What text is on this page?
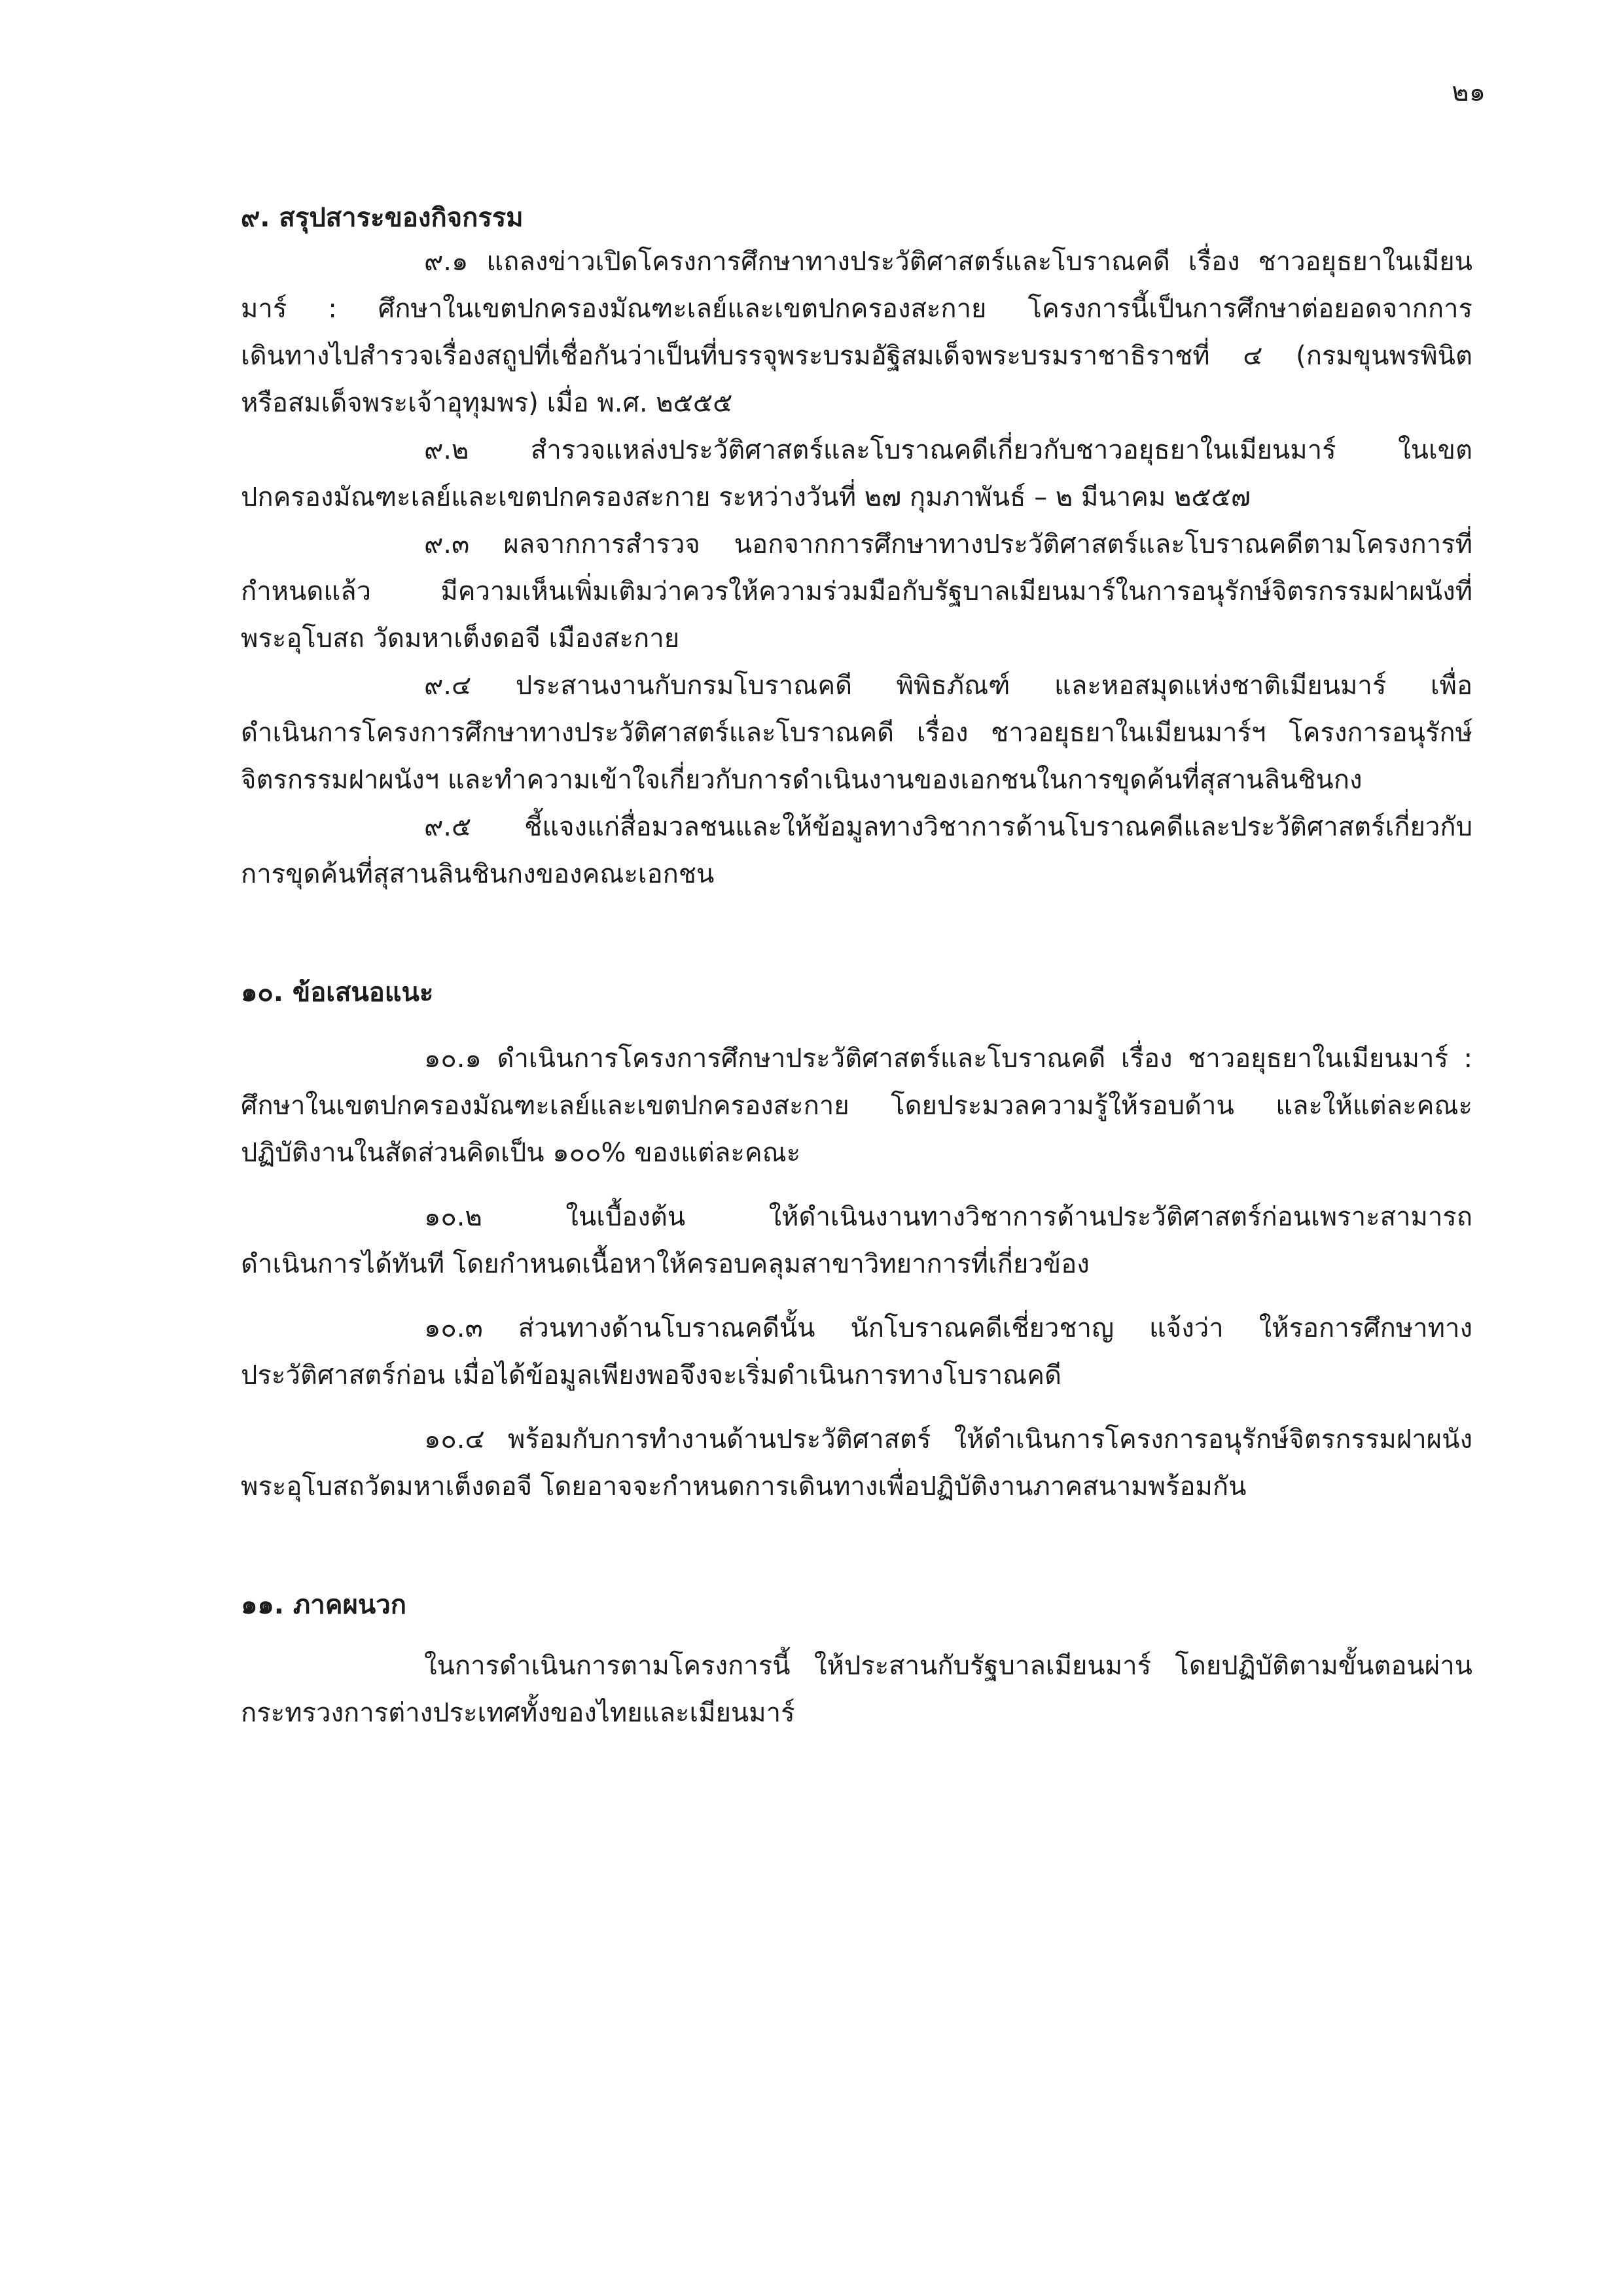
๒๑
๙. สรุปสาระของกิจกรรม
๙.๑ แถลงข่าวเปิดโครงการศึกษาทางประวัติศาสตร์และโบราณคดี เรื่อง ชาวอยุธยาในเมียน
มาร์ : ศึกษาในเขตปกครองมัณฑะเลย์และเขตปกครองสะกาย โครงการนี้เป็นการศึกษาต่อยอดจากการ
เดินทางไปสำรวจเรื่องสถูปที่เชื่อกันว่าเป็นที่บรรจุพระบรมอัฐิสมเด็จพระบรมราชาธิราชที่ ๔ (กรมขุนพรพินิต
หรือสมเด็จพระเจ้าอุทุมพร) เมื่อ พ.ศ. ๒๕๕๕
๙.๒ สำรวจแหล่งประวัติศาสตร์และโบราณคดีเกี่ยวกับชาวอยุธยาในเมียนมาร์ ในเขต
ปกครองมัณฑะเลย์และเขตปกครองสะกาย ระหว่างวันที่ ๒๗ กุมภาพันธ์ – ๒ มีนาคม ๒๕๕๗
๙.๓ ผลจากการสำรวจ นอกจากการศึกษาทางประวัติศาสตร์และโบราณคดีตามโครงการที่
กำหนดแล้ว มีความเห็นเพิ่มเติมว่าควรให้ความร่วมมือกับรัฐบาลเมียนมาร์ในการอนุรักษ์จิตรกรรมฝาผนังที่
พระอุโบสถ วัดมหาเต็งดอจี เมืองสะกาย
๙.๔ ประสานงานกับกรมโบราณคดี พิพิธภัณฑ์ และหอสมุดแห่งชาติเมียนมาร์ เพื่อ
ดำเนินการโครงการศึกษาทางประวัติศาสตร์และโบราณคดี เรื่อง ชาวอยุธยาในเมียนมาร์ฯ โครงการอนุรักษ์
จิตรกรรมฝาผนังฯ และทำความเข้าใจเกี่ยวกับการดำเนินงานของเอกชนในการขุดค้นที่สุสานลินชินกง
๙.๕ ชี้แจงแก่สื่อมวลชนและให้ข้อมูลทางวิชาการด้านโบราณคดีและประวัติศาสตร์เกี่ยวกับ
การขุดค้นที่สุสานลินชินกงของคณะเอกชน
๑๐. ข้อเสนอแนะ
๑๐.๑ ดำเนินการโครงการศึกษาประวัติศาสตร์และโบราณคดี เรื่อง ชาวอยุธยาในเมียนมาร์ :
ศึกษาในเขตปกครองมัณฑะเลย์และเขตปกครองสะกาย โดยประมวลความรู้ให้รอบด้าน และให้แต่ละคณะ
ปฏิบัติงานในสัดส่วนคิดเป็น ๑๐๐% ของแต่ละคณะ
๑๐.๒ ในเบื้องต้น ให้ดำเนินงานทางวิชาการด้านประวัติศาสตร์ก่อนเพราะสามารถ
ดำเนินการได้ทันที โดยกำหนดเนื้อหาให้ครอบคลุมสาขาวิทยาการที่เกี่ยวข้อง
๑๐.๓ ส่วนทางด้านโบราณคดีนั้น นักโบราณคดีเชี่ยวชาญ แจ้งว่า ให้รอการศึกษาทาง
ประวัติศาสตร์ก่อน เมื่อได้ข้อมูลเพียงพอจึงจะเริ่มดำเนินการทางโบราณคดี
๑๐.๔ พร้อมกับการทำงานด้านประวัติศาสตร์ ให้ดำเนินการโครงการอนุรักษ์จิตรกรรมฝาผนัง
พระอุโบสถวัดมหาเต็งดอจี โดยอาจจะกำหนดการเดินทางเพื่อปฏิบัติงานภาคสนามพร้อมกัน
๑๑. ภาคผนวก
ในการดำเนินการตามโครงการนี้ ให้ประสานกับรัฐบาลเมียนมาร์ โดยปฏิบัติตามขั้นตอนผ่าน
กระทรวงการต่างประเทศทั้งของไทยและเมียนมาร์
